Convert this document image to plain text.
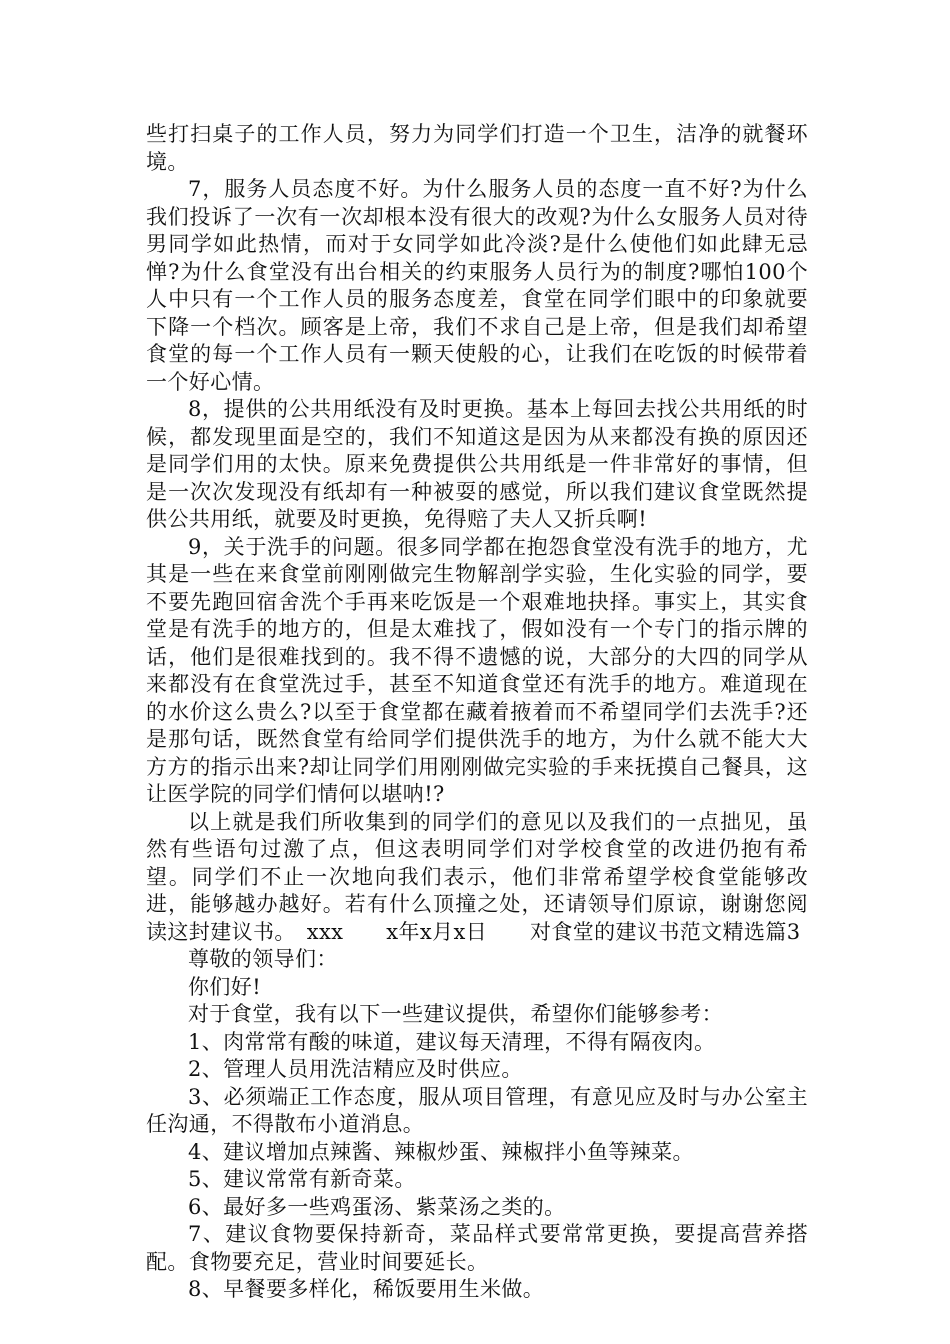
些打扫桌子的工作人员，努力为同学们打造一个卫生，洁净的就餐环境。

7，服务人员态度不好。为什么服务人员的态度一直不好?为什么我们投诉了一次有一次却根本没有很大的改观?为什么女服务人员对待男同学如此热情，而对于女同学如此冷淡?是什么使他们如此肆无忌惮?为什么食堂没有出台相关的约束服务人员行为的制度?哪怕100个人中只有一个工作人员的服务态度差，食堂在同学们眼中的印象就要下降一个档次。顾客是上帝，我们不求自己是上帝，但是我们却希望食堂的每一个工作人员有一颗天使般的心，让我们在吃饭的时候带着一个好心情。

8，提供的公共用纸没有及时更换。基本上每回去找公共用纸的时候，都发现里面是空的，我们不知道这是因为从来都没有换的原因还是同学们用的太快。原来免费提供公共用纸是一件非常好的事情，但是一次次发现没有纸却有一种被耍的感觉，所以我们建议食堂既然提供公共用纸，就要及时更换，免得赔了夫人又折兵啊!

9，关于洗手的问题。很多同学都在抱怨食堂没有洗手的地方，尤其是一些在来食堂前刚刚做完生物解剖学实验，生化实验的同学，要不要先跑回宿舍洗个手再来吃饭是一个艰难地抉择。事实上，其实食堂是有洗手的地方的，但是太难找了，假如没有一个专门的指示牌的话，他们是很难找到的。我不得不遗憾的说，大部分的大四的同学从来都没有在食堂洗过手，甚至不知道食堂还有洗手的地方。难道现在的水价这么贵么?以至于食堂都在藏着掖着而不希望同学们去洗手?还是那句话，既然食堂有给同学们提供洗手的地方，为什么就不能大大方方的指示出来?却让同学们用刚刚做完实验的手来抚摸自己餐具，这让医学院的同学们情何以堪呐!?

以上就是我们所收集到的同学们的意见以及我们的一点拙见，虽然有些语句过激了点，但这表明同学们对学校食堂的改进仍抱有希望。同学们不止一次地向我们表示，他们非常希望学校食堂能够改进，能够越办越好。若有什么顶撞之处，还请领导们原谅，谢谢您阅读这封建议书。　xxx　　x年x月x日　　对食堂的建议书范文精选篇3

尊敬的领导们：

你们好!

对于食堂，我有以下一些建议提供，希望你们能够参考：

1、肉常常有酸的味道，建议每天清理，不得有隔夜肉。

2、管理人员用洗洁精应及时供应。

3、必须端正工作态度，服从项目管理，有意见应及时与办公室主任沟通，不得散布小道消息。

4、建议增加点辣酱、辣椒炒蛋、辣椒拌小鱼等辣菜。

5、建议常常有新奇菜。

6、最好多一些鸡蛋汤、紫菜汤之类的。

7、建议食物要保持新奇，菜品样式要常常更换，要提高营养搭配。食物要充足，营业时间要延长。

8、早餐要多样化，稀饭要用生米做。
